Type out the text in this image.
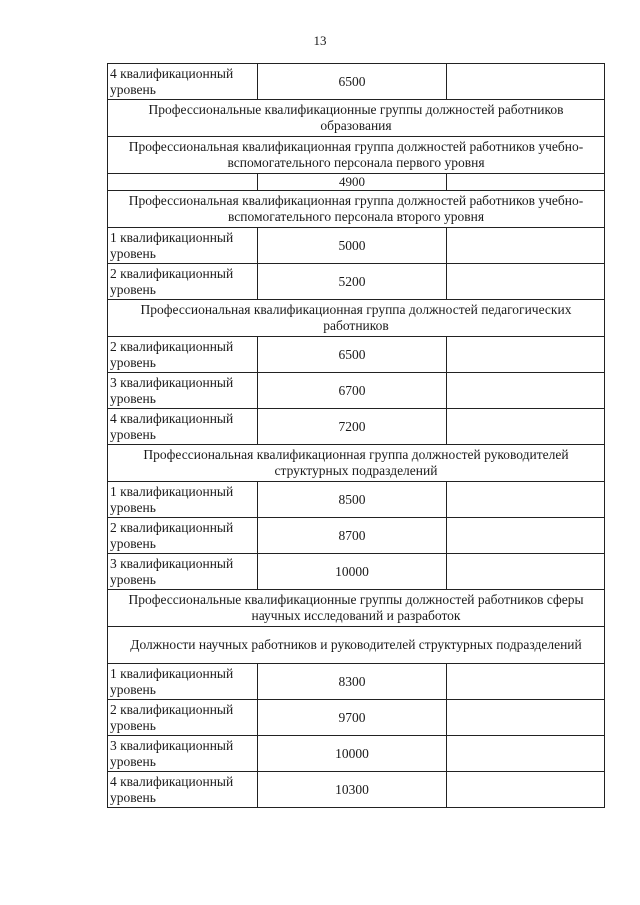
13
4 квалификационный уровень	6500	
Профессиональные квалификационные группы должностей работников образования		
Профессиональная квалификационная группа должностей работников учебно-вспомогательного персонала первого уровня		
	4900	
Профессиональная квалификационная группа должностей работников учебно-вспомогательного персонала второго уровня		
1 квалификационный уровень	5000	
2 квалификационный уровень	5200	
Профессиональная квалификационная группа должностей педагогических работников		
2 квалификационный уровень	6500	
3 квалификационный уровень	6700	
4 квалификационный уровень	7200	
Профессиональная квалификационная группа должностей руководителей структурных подразделений		
1 квалификационный уровень	8500	
2 квалификационный уровень	8700	
3 квалификационный уровень	10000	
Профессиональные квалификационные группы должностей работников сферы научных исследований и разработок		
Должности научных работников и руководителей структурных подразделений		
1 квалификационный уровень	8300	
2 квалификационный уровень	9700	
3 квалификационный уровень	10000	
4 квалификационный уровень	10300	
